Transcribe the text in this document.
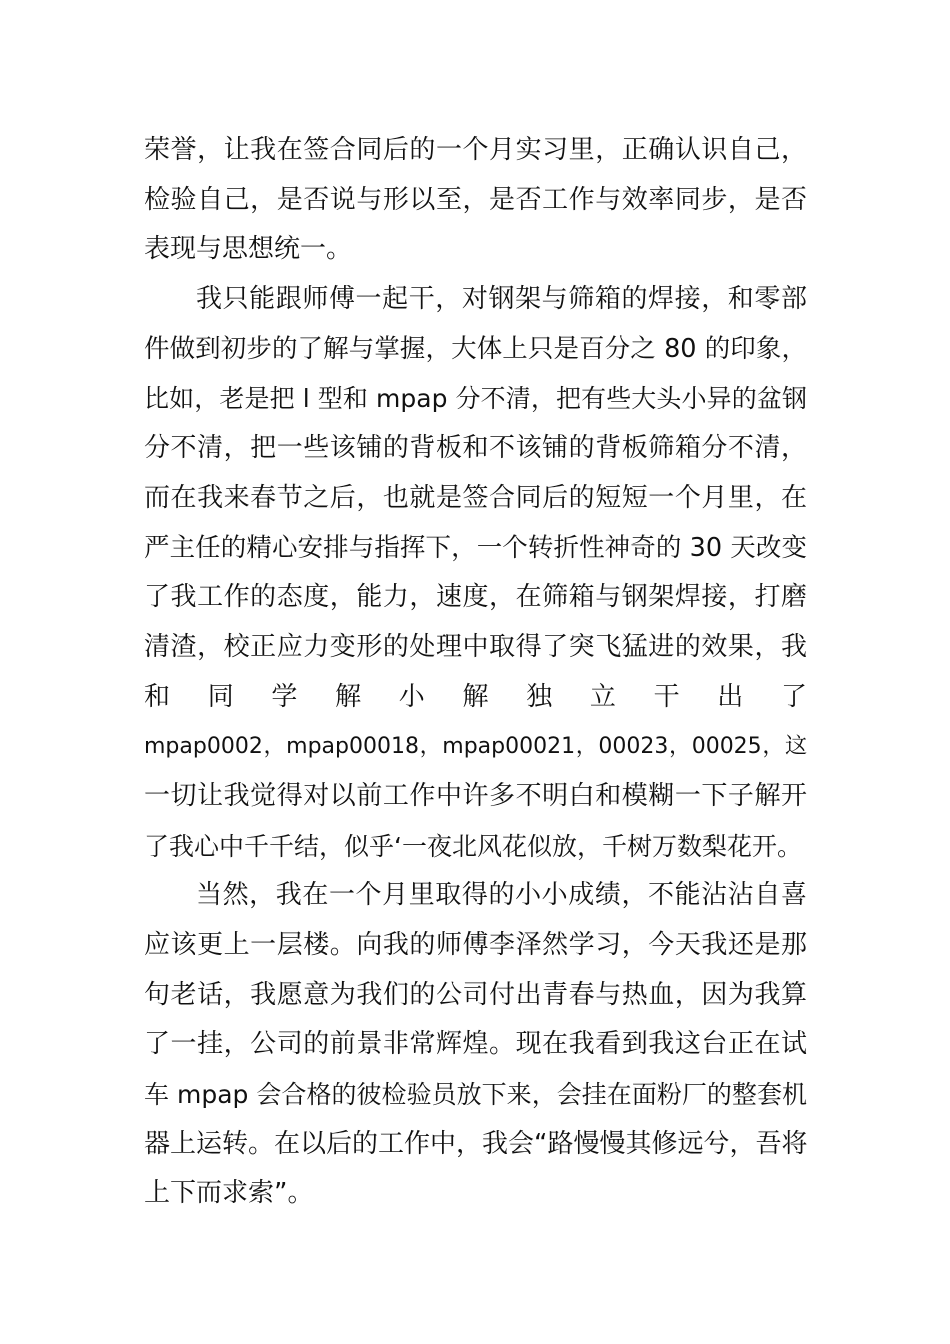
荣誉，让我在签合同后的一个月实习里，正确认识自己，
检验自己，是否说与形以至，是否工作与效率同步，是否
表现与思想统一。
我只能跟师傅一起干，对钢架与筛箱的焊接，和零部
件做到初步的了解与掌握，大体上只是百分之 80 的印象，
比如，老是把 l 型和 mpap 分不清，把有些大头小异的盆钢
分不清，把一些该铺的背板和不该铺的背板筛箱分不清，
而在我来春节之后，也就是签合同后的短短一个月里，在
严主任的精心安排与指挥下，一个转折性神奇的 30 天改变
了我工作的态度，能力，速度，在筛箱与钢架焊接，打磨
清渣，校正应力变形的处理中取得了突飞猛进的效果，我
和 同 学 解 小 解 独 立 干 出 了
mpap0002，mpap00018，mpap00021，00023，00025，这
一切让我觉得对以前工作中许多不明白和模糊一下子解开
了我心中千千结，似乎‘一夜北风花似放，千树万数梨花开。
当然，我在一个月里取得的小小成绩，不能沾沾自喜
应该更上一层楼。向我的师傅李泽然学习，今天我还是那
句老话，我愿意为我们的公司付出青春与热血，因为我算
了一挂，公司的前景非常辉煌。现在我看到我这台正在试
车 mpap 会合格的彼检验员放下来，会挂在面粉厂的整套机
器上运转。在以后的工作中，我会“路慢慢其修远兮，吾将
上下而求索”。
